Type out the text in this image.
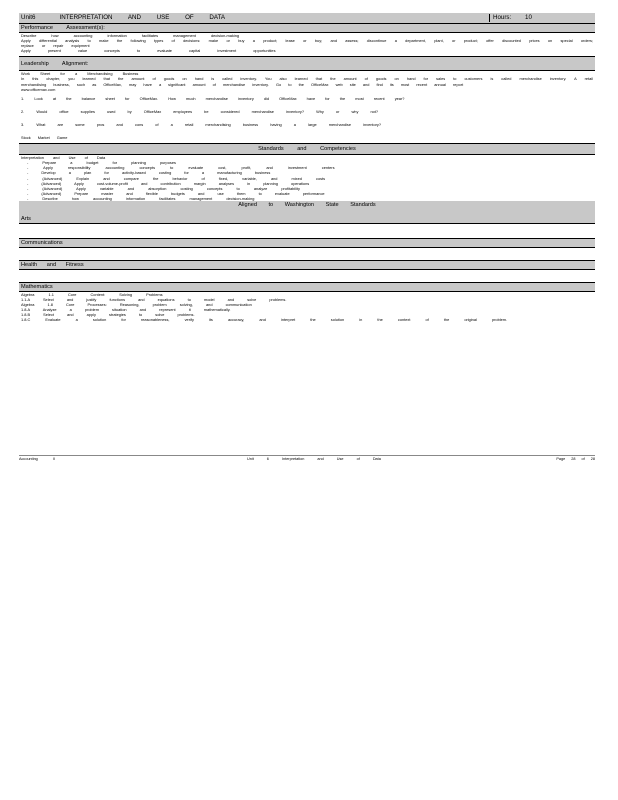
Unit 6	INTERPRETATION AND USE OF DATA	Hours:	10
Performance Assessment(s):
Describe how accounting information facilitates management decision-making
Apply differential analysis to make the following types of decisions: make or buy a product; lease or buy; and assess; discontinue a department, plant, or product; offer discounted prices on special orders; replace or repair equipment
Apply present value concepts to evaluate capital investment opportunities
Leadership Alignment:
Work Sheet for a Merchandising Business
In this chapter, you learned that the amount of goods on hand is called inventory. You also learned that the amount of goods on hand for sales to customers is called merchandise inventory. A retail merchandising business, such as OfficeMax, may have a significant amount of merchandise inventory. Go to the OfficeMax web site and find its most recent annual report
www.officemax.com
1. Look at the balance sheet for OfficeMax. How much merchandise inventory did OfficeMax have for the most recent year?
2. Would office supplies used by OfficeMax employees be considered merchandise inventory? Why or why not?
3. What are some pros and cons of a retail merchandising business having a large merchandise inventory?
Stock Market Game
Standards and Competencies
Interpretation and Use of Data
- Prepare a budget for planning purposes
- Apply responsibility accounting concepts to evaluate cost, profit, and investment centers
- Develop a plan for activity-based costing for a manufacturing business
- (Advanced) Explain and compare the behavior of fixed, variable, and mixed costs
- (Advanced) Apply cost-volume-profit and contribution margin analyses in planning operations
- (Advanced) Apply variable and absorption costing concepts to analyze profitability
- (Advanced) Prepare master and flexible budgets and use them to evaluate performance
- Describe how accounting information facilitates management decision-making
Aligned to Washington State Standards
Arts
Communications
Health and Fitness
Mathematics
Algebra 1.1 Core Content: Solving Problems
1.1.A Select and justify functions and equations to model and solve problems.
Algebra 1.8 Core Processes: Reasoning, problem solving, and communication
1.8.A Analyze a problem situation and represent it mathematically.
1.8.B Select and apply strategies to solve problems.
1.8.C Evaluate a solution for reasonableness, verify its accuracy, and interpret the solution in the context of the original problem.
Accounting II	Unit 6 Interpretation and Use of Data	Page 28 of 28
